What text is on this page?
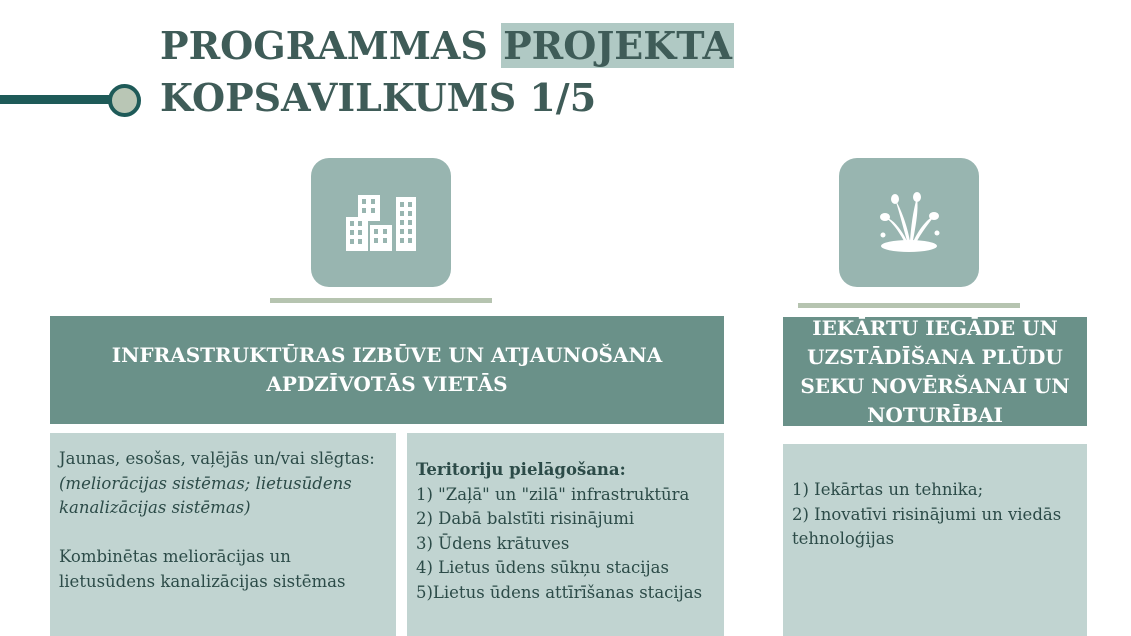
PROGRAMMAS PROJEKTA
KOPSAVILKUMS 1/5
INFRASTRUKTŪRAS IZBŪVE UN ATJAUNOŠANA APDZĪVOTĀS VIETĀS

Jaunas, esošas, vaļējās un/vai slēgtas:

(meliorācijas sistēmas; lietusūdens

kanalizācijas sistēmas)

Kombinētas meliorācijas un

lietusūdens kanalizācijas sistēmas

Teritoriju pielāgošana:

1) "Zaļā" un "zilā" infrastruktūra

2) Dabā balstīti risinājumi

3) Ūdens krātuves

4) Lietus ūdens sūkņu stacijas

5)Lietus ūdens attīrīšanas stacijas

IEKĀRTU IEGĀDE UN UZSTĀDĪŠANA PLŪDU SEKU NOVĒRŠANAI UN NOTURĪBAI

1) Iekārtas un tehnika;

2) Inovatīvi risinājumi un viedās

tehnoloģijas
